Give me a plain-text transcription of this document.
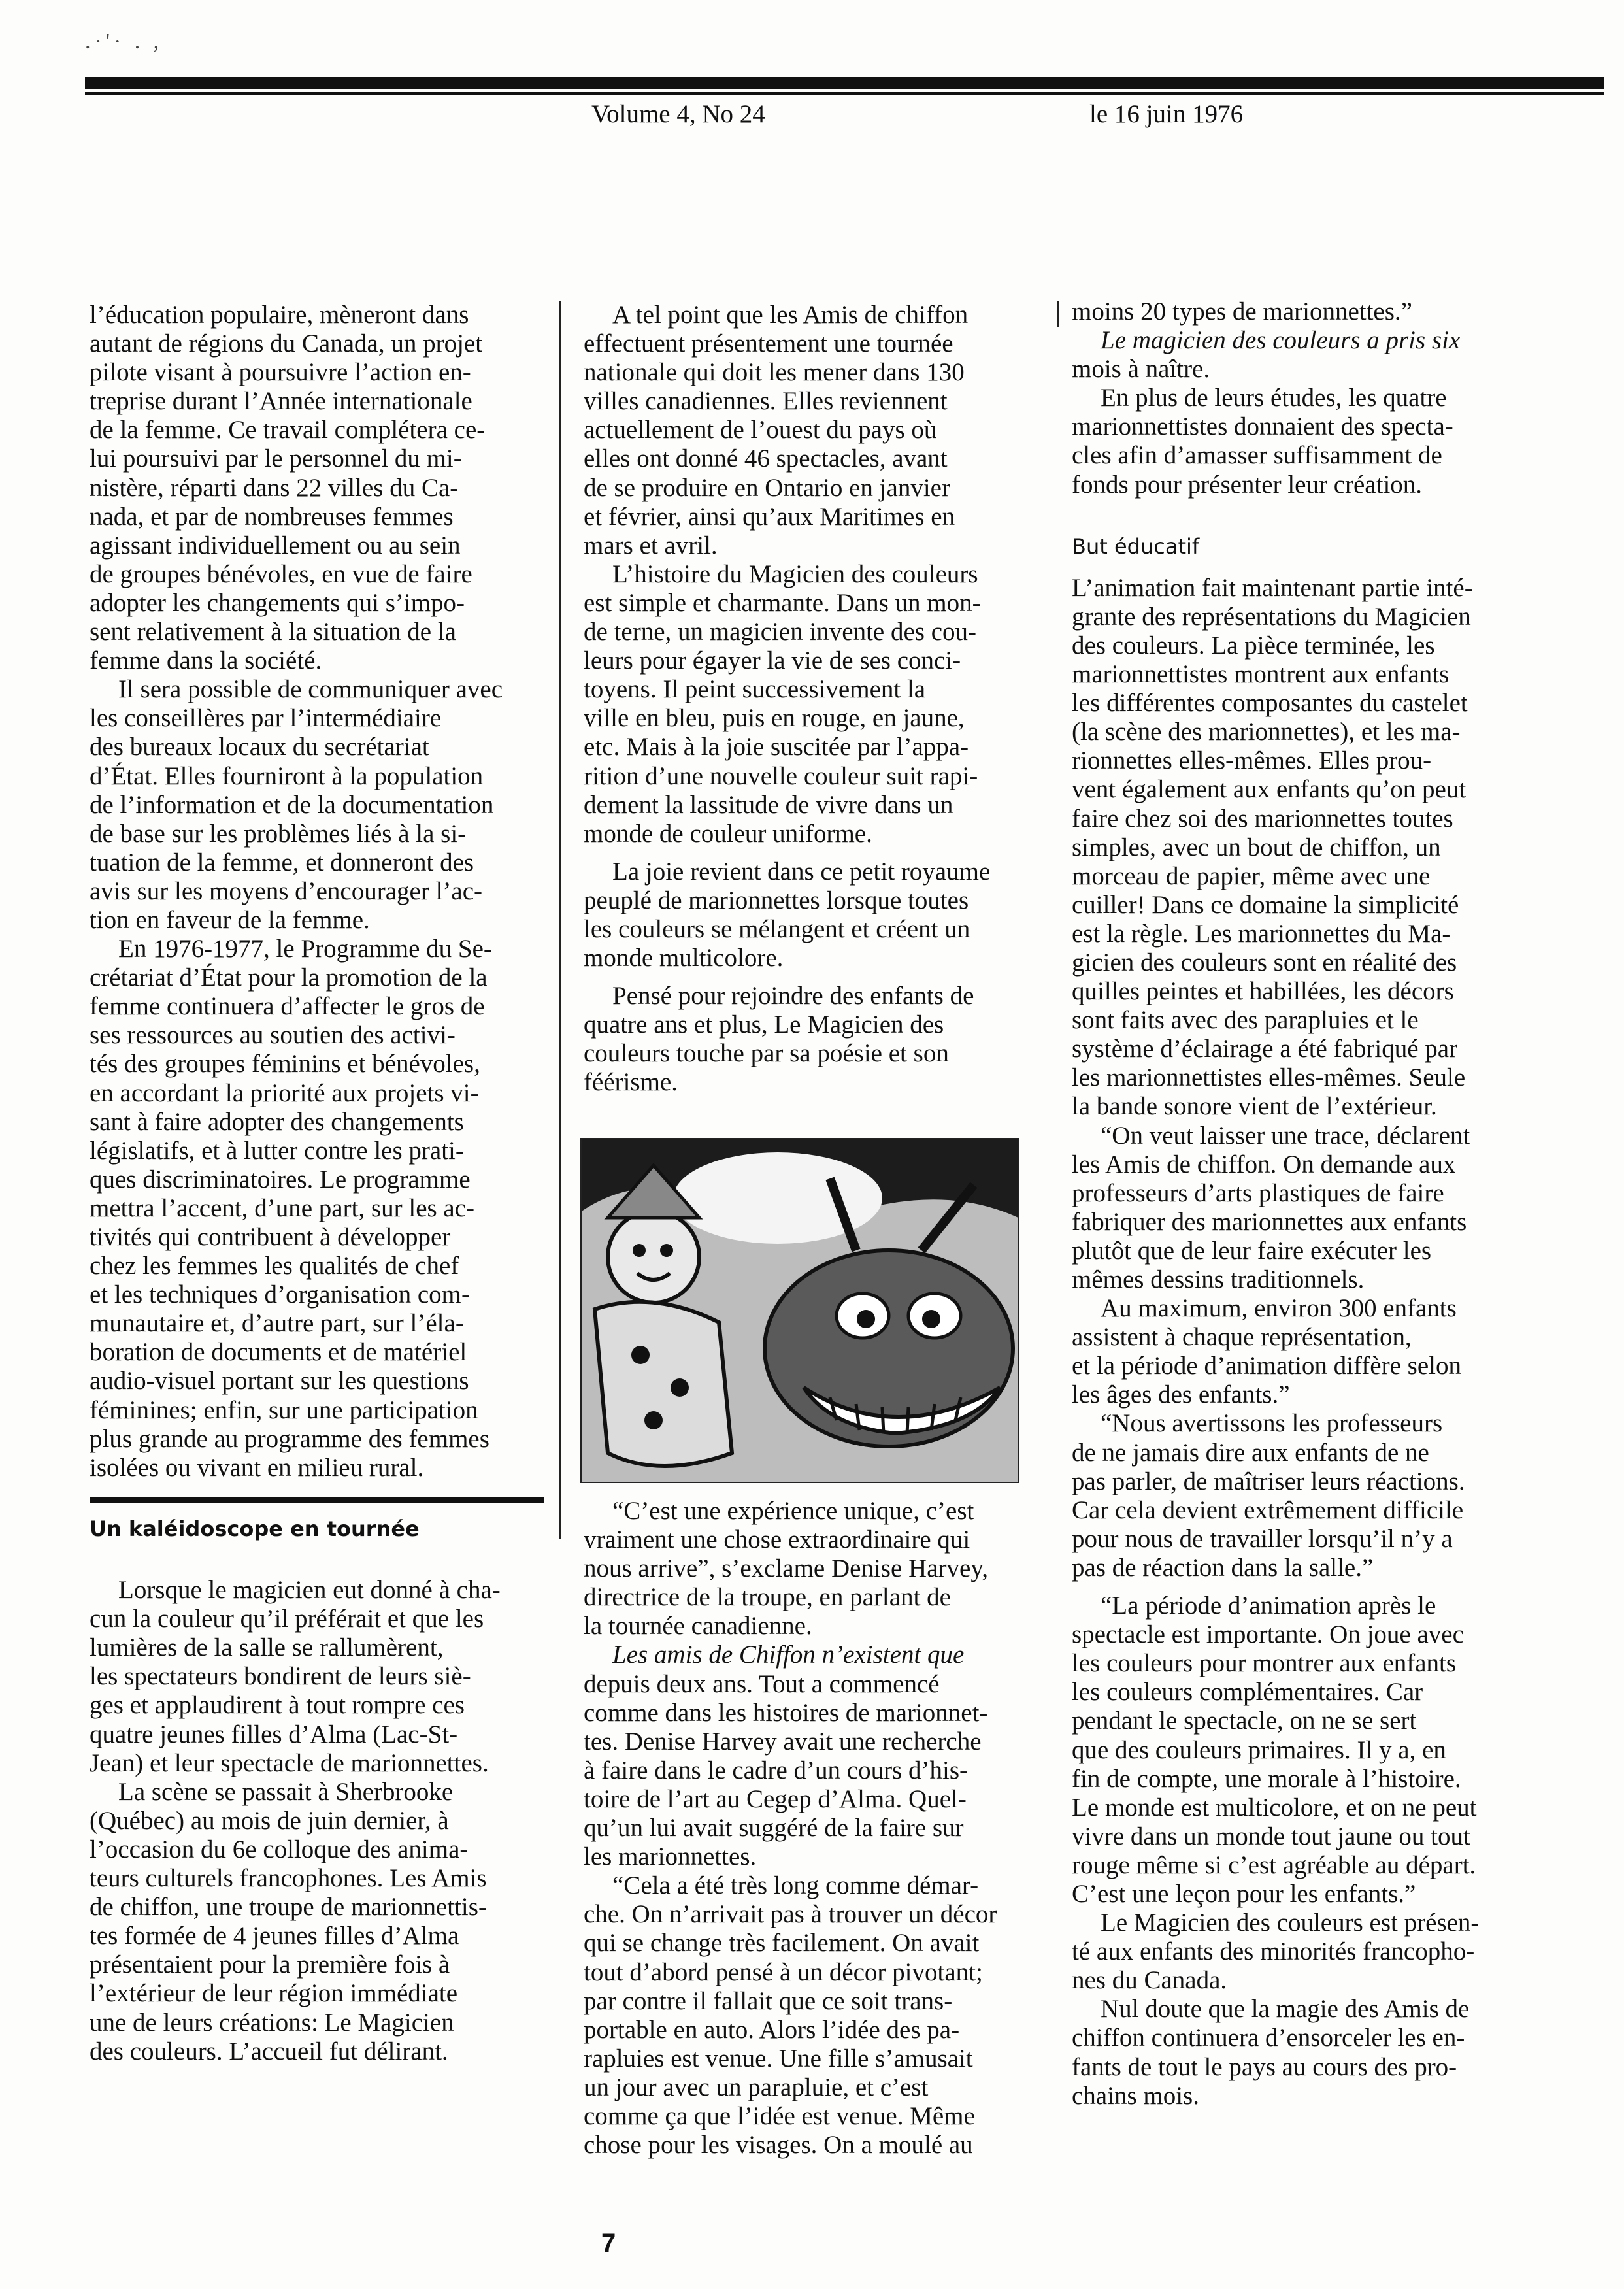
.·'· . ,
Volume 4, No 24	le 16 juin 1976

l’éducation populaire, mèneront dans
autant de régions du Canada, un projet
pilote visant à poursuivre l’action en-
treprise durant l’Année internationale
de la femme. Ce travail complétera ce-
lui poursuivi par le personnel du mi-
nistère, réparti dans 22 villes du Ca-
nada, et par de nombreuses femmes
agissant individuellement ou au sein
de groupes bénévoles, en vue de faire
adopter les changements qui s’impo-
sent relativement à la situation de la
femme dans la société.

Il sera possible de communiquer avec
les conseillères par l’intermédiaire
des bureaux locaux du secrétariat
d’État. Elles fourniront à la population
de l’information et de la documentation
de base sur les problèmes liés à la si-
tuation de la femme, et donneront des
avis sur les moyens d’encourager l’ac-
tion en faveur de la femme.

En 1976-1977, le Programme du Se-
crétariat d’État pour la promotion de la
femme continuera d’affecter le gros de
ses ressources au soutien des activi-
tés des groupes féminins et bénévoles,
en accordant la priorité aux projets vi-
sant à faire adopter des changements
législatifs, et à lutter contre les prati-
ques discriminatoires. Le programme
mettra l’accent, d’une part, sur les ac-
tivités qui contribuent à développer
chez les femmes les qualités de chef
et les techniques d’organisation com-
munautaire et, d’autre part, sur l’éla-
boration de documents et de matériel
audio-visuel portant sur les questions
féminines; enfin, sur une participation
plus grande au programme des femmes
isolées ou vivant en milieu rural.

Un kaléidoscope en tournée

Lorsque le magicien eut donné à cha-
cun la couleur qu’il préférait et que les
lumières de la salle se rallumèrent,
les spectateurs bondirent de leurs siè-
ges et applaudirent à tout rompre ces
quatre jeunes filles d’Alma (Lac-St-
Jean) et leur spectacle de marionnettes.

La scène se passait à Sherbrooke
(Québec) au mois de juin dernier, à
l’occasion du 6e colloque des anima-
teurs culturels francophones. Les Amis
de chiffon, une troupe de marionnettis-
tes formée de 4 jeunes filles d’Alma
présentaient pour la première fois à
l’extérieur de leur région immédiate
une de leurs créations: Le Magicien
des couleurs. L’accueil fut délirant.

A tel point que les Amis de chiffon
effectuent présentement une tournée
nationale qui doit les mener dans 130
villes canadiennes. Elles reviennent
actuellement de l’ouest du pays où
elles ont donné 46 spectacles, avant
de se produire en Ontario en janvier
et février, ainsi qu’aux Maritimes en
mars et avril.

L’histoire du Magicien des couleurs
est simple et charmante. Dans un mon-
de terne, un magicien invente des cou-
leurs pour égayer la vie de ses conci-
toyens. Il peint successivement la
ville en bleu, puis en rouge, en jaune,
etc. Mais à la joie suscitée par l’appa-
rition d’une nouvelle couleur suit rapi-
dement la lassitude de vivre dans un
monde de couleur uniforme.

La joie revient dans ce petit royaume
peuplé de marionnettes lorsque toutes
les couleurs se mélangent et créent un
monde multicolore.

Pensé pour rejoindre des enfants de
quatre ans et plus, Le Magicien des
couleurs touche par sa poésie et son
féérisme.

“C’est une expérience unique, c’est
vraiment une chose extraordinaire qui
nous arrive”, s’exclame Denise Harvey,
directrice de la troupe, en parlant de
la tournée canadienne.

Les amis de Chiffon n’existent que
depuis deux ans. Tout a commencé
comme dans les histoires de marionnet-
tes. Denise Harvey avait une recherche
à faire dans le cadre d’un cours d’his-
toire de l’art au Cegep d’Alma. Quel-
qu’un lui avait suggéré de la faire sur
les marionnettes.

“Cela a été très long comme démar-
che. On n’arrivait pas à trouver un décor
qui se change très facilement. On avait
tout d’abord pensé à un décor pivotant;
par contre il fallait que ce soit trans-
portable en auto. Alors l’idée des pa-
rapluies est venue. Une fille s’amusait
un jour avec un parapluie, et c’est
comme ça que l’idée est venue. Même
chose pour les visages. On a moulé au

moins 20 types de marionnettes.”

Le magicien des couleurs a pris six
mois à naître.

En plus de leurs études, les quatre
marionnettistes donnaient des specta-
cles afin d’amasser suffisamment de
fonds pour présenter leur création.

But éducatif

L’animation fait maintenant partie inté-
grante des représentations du Magicien
des couleurs. La pièce terminée, les
marionnettistes montrent aux enfants
les différentes composantes du castelet
(la scène des marionnettes), et les ma-
rionnettes elles-mêmes. Elles prou-
vent également aux enfants qu’on peut
faire chez soi des marionnettes toutes
simples, avec un bout de chiffon, un
morceau de papier, même avec une
cuiller! Dans ce domaine la simplicité
est la règle. Les marionnettes du Ma-
gicien des couleurs sont en réalité des
quilles peintes et habillées, les décors
sont faits avec des parapluies et le
système d’éclairage a été fabriqué par
les marionnettistes elles-mêmes. Seule
la bande sonore vient de l’extérieur.

“On veut laisser une trace, déclarent
les Amis de chiffon. On demande aux
professeurs d’arts plastiques de faire
fabriquer des marionnettes aux enfants
plutôt que de leur faire exécuter les
mêmes dessins traditionnels.

Au maximum, environ 300 enfants
assistent à chaque représentation,
et la période d’animation diffère selon
les âges des enfants.”

“Nous avertissons les professeurs
de ne jamais dire aux enfants de ne
pas parler, de maîtriser leurs réactions.
Car cela devient extrêmement difficile
pour nous de travailler lorsqu’il n’y a
pas de réaction dans la salle.”

“La période d’animation après le
spectacle est importante. On joue avec
les couleurs pour montrer aux enfants
les couleurs complémentaires. Car
pendant le spectacle, on ne se sert
que des couleurs primaires. Il y a, en
fin de compte, une morale à l’histoire.
Le monde est multicolore, et on ne peut
vivre dans un monde tout jaune ou tout
rouge même si c’est agréable au départ.
C’est une leçon pour les enfants.”

Le Magicien des couleurs est présen-
té aux enfants des minorités francopho-
nes du Canada.

Nul doute que la magie des Amis de
chiffon continuera d’ensorceler les en-
fants de tout le pays au cours des pro-
chains mois.

7
